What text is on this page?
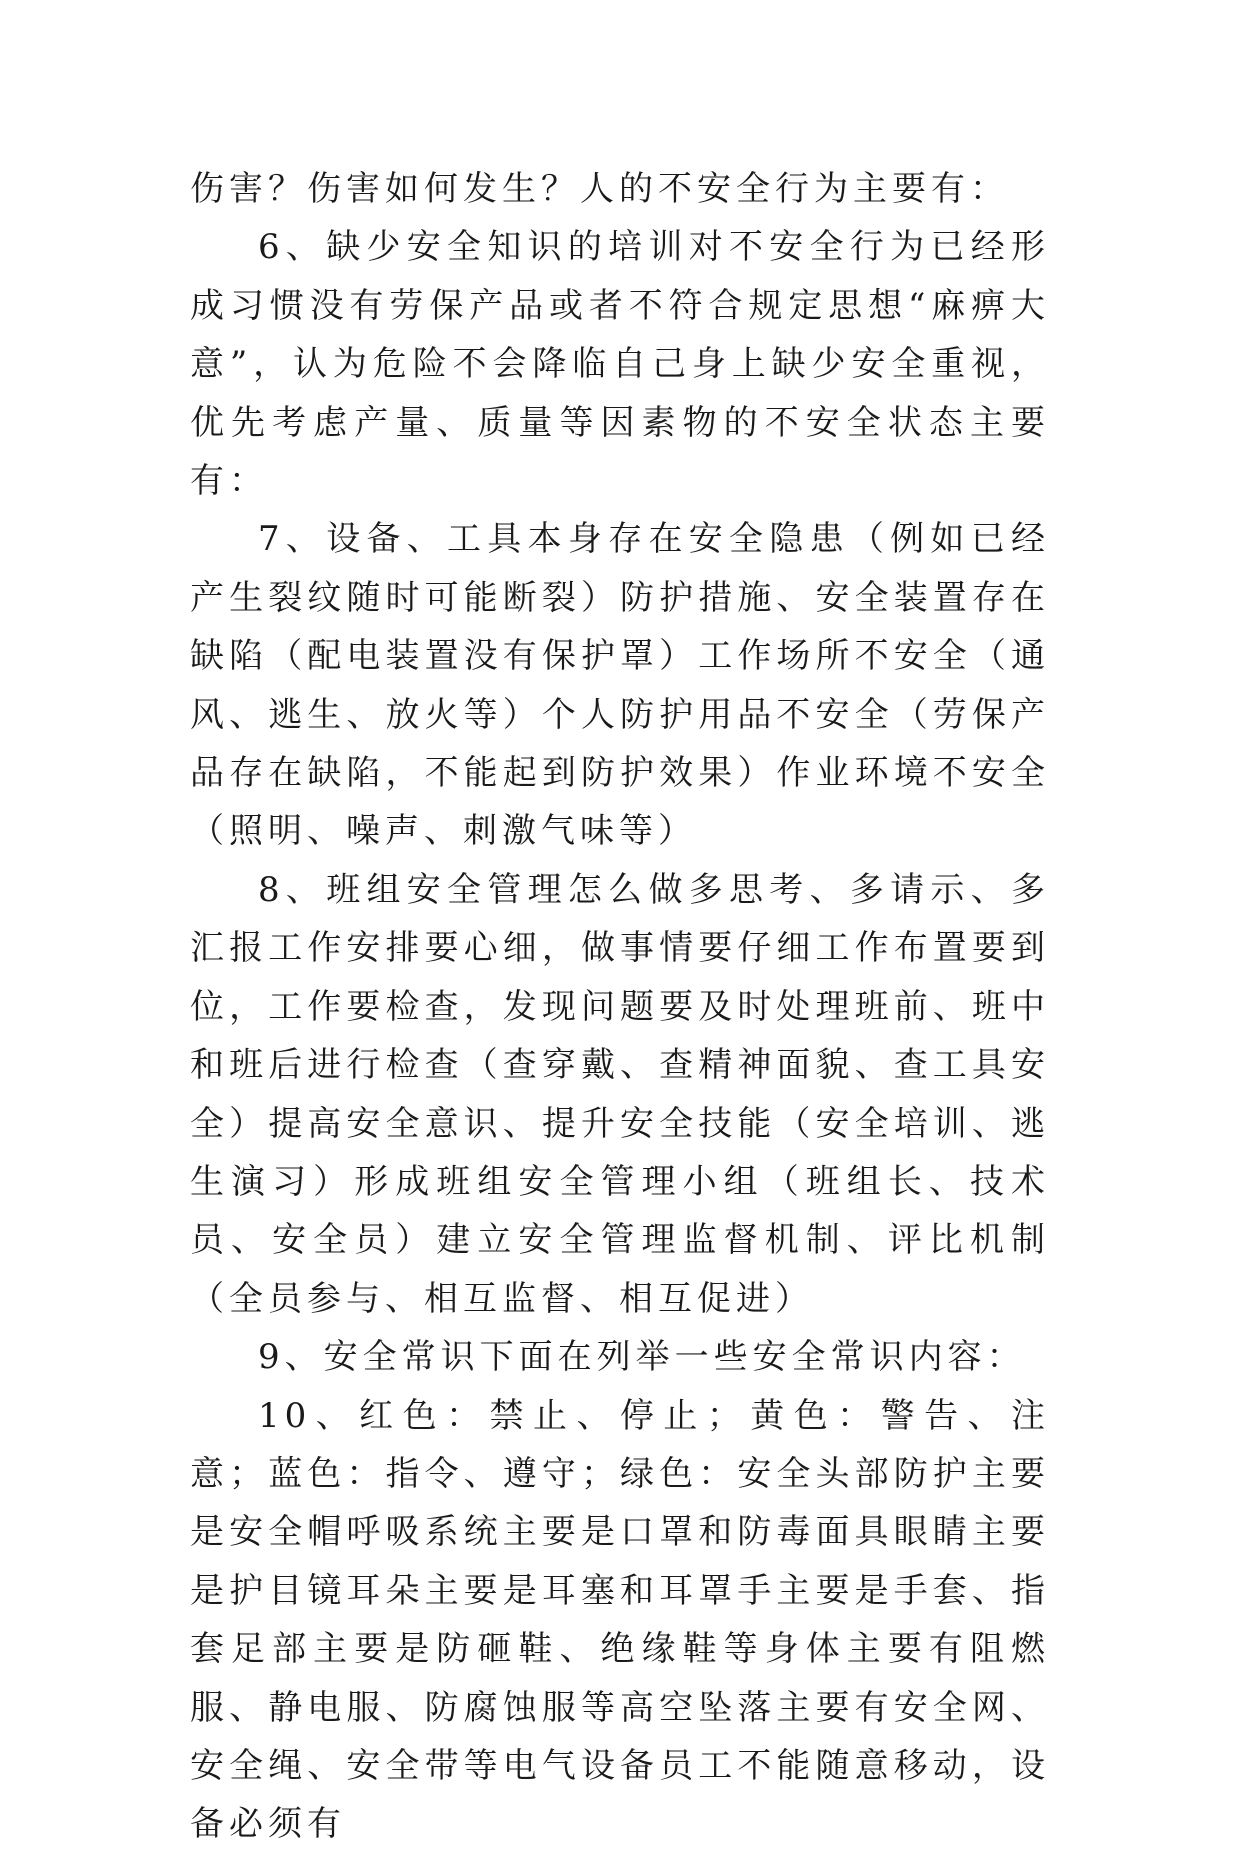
伤害？伤害如何发生？人的不安全行为主要有：

6、缺少安全知识的培训对不安全行为已经形成习惯没有劳保产品或者不符合规定思想“麻痹大意”，认为危险不会降临自己身上缺少安全重视，优先考虑产量、质量等因素物的不安全状态主要有：

7、设备、工具本身存在安全隐患（例如已经产生裂纹随时可能断裂）防护措施、安全装置存在缺陷（配电装置没有保护罩）工作场所不安全（通风、逃生、放火等）个人防护用品不安全（劳保产品存在缺陷，不能起到防护效果）作业环境不安全（照明、噪声、刺激气味等）

8、班组安全管理怎么做多思考、多请示、多汇报工作安排要心细，做事情要仔细工作布置要到位，工作要检查，发现问题要及时处理班前、班中和班后进行检查（查穿戴、查精神面貌、查工具安全）提高安全意识、提升安全技能（安全培训、逃生演习）形成班组安全管理小组（班组长、技术员、安全员）建立安全管理监督机制、评比机制（全员参与、相互监督、相互促进）

9、安全常识下面在列举一些安全常识内容：

10、红色：禁止、停止；黄色：警告、注意；蓝色：指令、遵守；绿色：安全头部防护主要是安全帽呼吸系统主要是口罩和防毒面具眼睛主要是护目镜耳朵主要是耳塞和耳罩手主要是手套、指套足部主要是防砸鞋、绝缘鞋等身体主要有阻燃服、静电服、防腐蚀服等高空坠落主要有安全网、安全绳、安全带等电气设备员工不能随意移动，设备必须有
